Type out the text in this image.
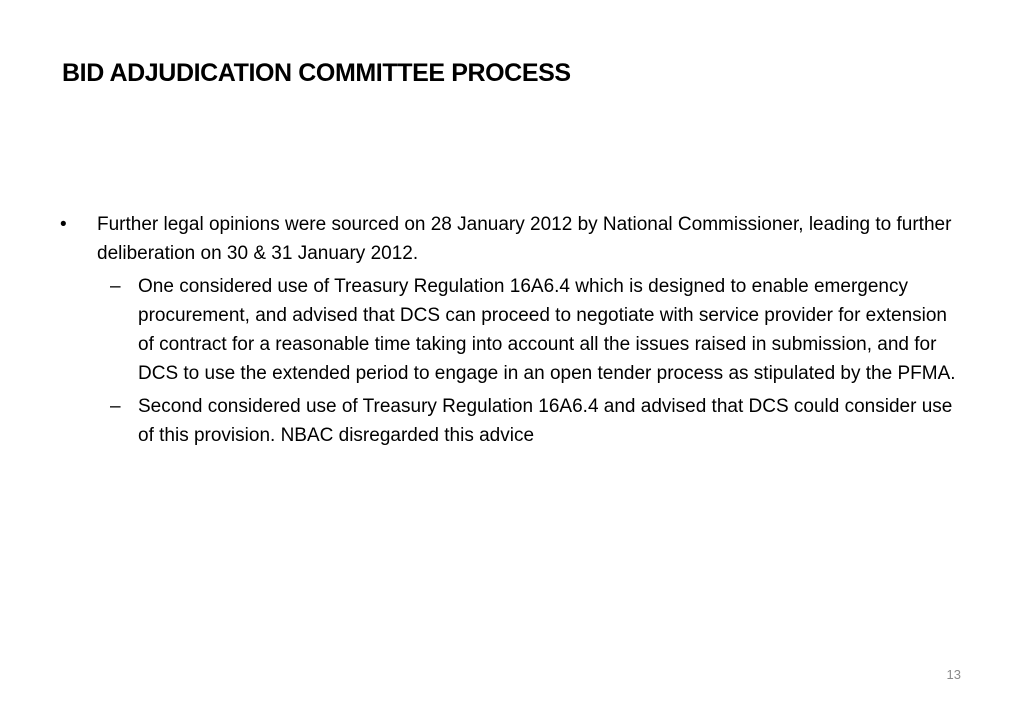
BID ADJUDICATION COMMITTEE PROCESS
•	Further legal opinions were sourced on 28 January 2012 by National Commissioner, leading to further deliberation on 30 & 31 January 2012.
– One considered use of Treasury Regulation 16A6.4 which is designed to enable emergency procurement, and advised that DCS can proceed to negotiate with service provider for extension of contract for a reasonable time taking into account all the issues raised in submission, and for DCS to use the extended period to engage in an open tender process as stipulated by the PFMA.
– Second considered use of Treasury Regulation 16A6.4 and advised that DCS could consider use of this provision. NBAC disregarded this advice
13
